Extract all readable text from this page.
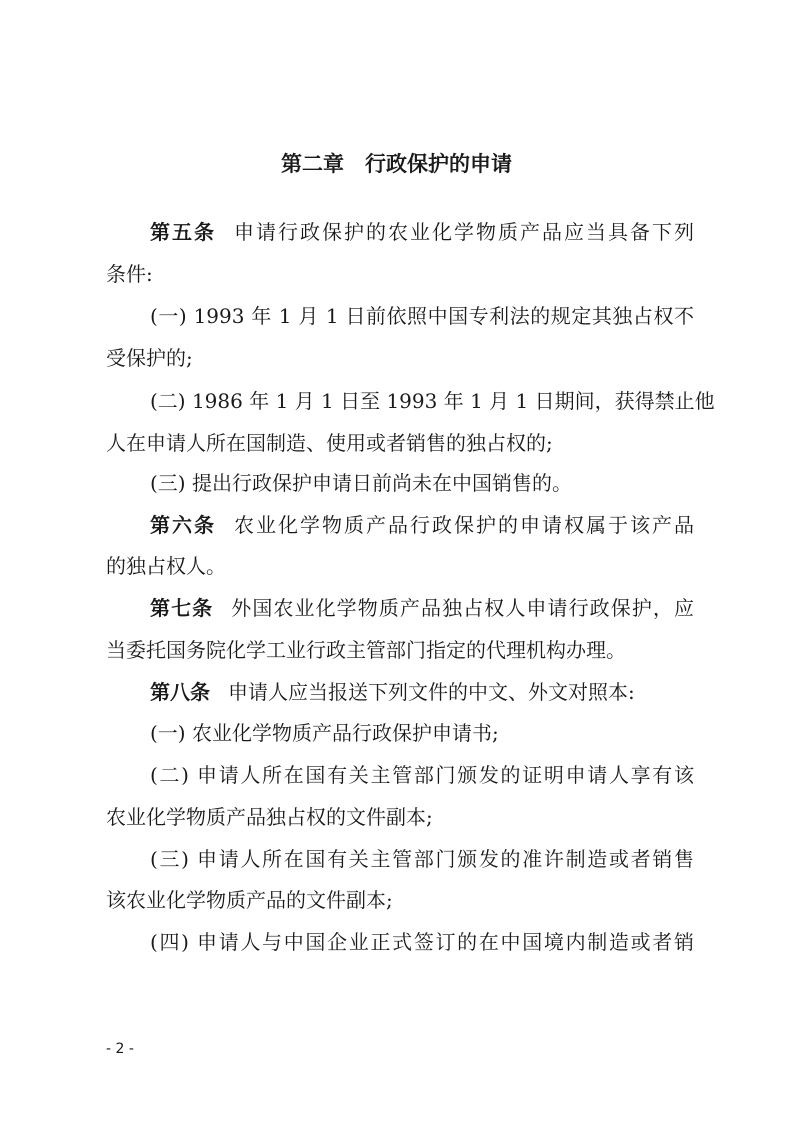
第二章　行政保护的申请
第五条 申请行政保护的农业化学物质产品应当具备下列
条件:
(一) 1993 年 1 月 1 日前依照中国专利法的规定其独占权不
受保护的;
(二) 1986 年 1 月 1 日至 1993 年 1 月 1 日期间，获得禁止他
人在申请人所在国制造、使用或者销售的独占权的;
(三) 提出行政保护申请日前尚未在中国销售的。
第六条 农业化学物质产品行政保护的申请权属于该产品
的独占权人。
第七条 外国农业化学物质产品独占权人申请行政保护，应
当委托国务院化学工业行政主管部门指定的代理机构办理。
第八条 申请人应当报送下列文件的中文、外文对照本:
(一) 农业化学物质产品行政保护申请书;
(二) 申请人所在国有关主管部门颁发的证明申请人享有该
农业化学物质产品独占权的文件副本;
(三) 申请人所在国有关主管部门颁发的准许制造或者销售
该农业化学物质产品的文件副本;
(四) 申请人与中国企业正式签订的在中国境内制造或者销
- 2 -
